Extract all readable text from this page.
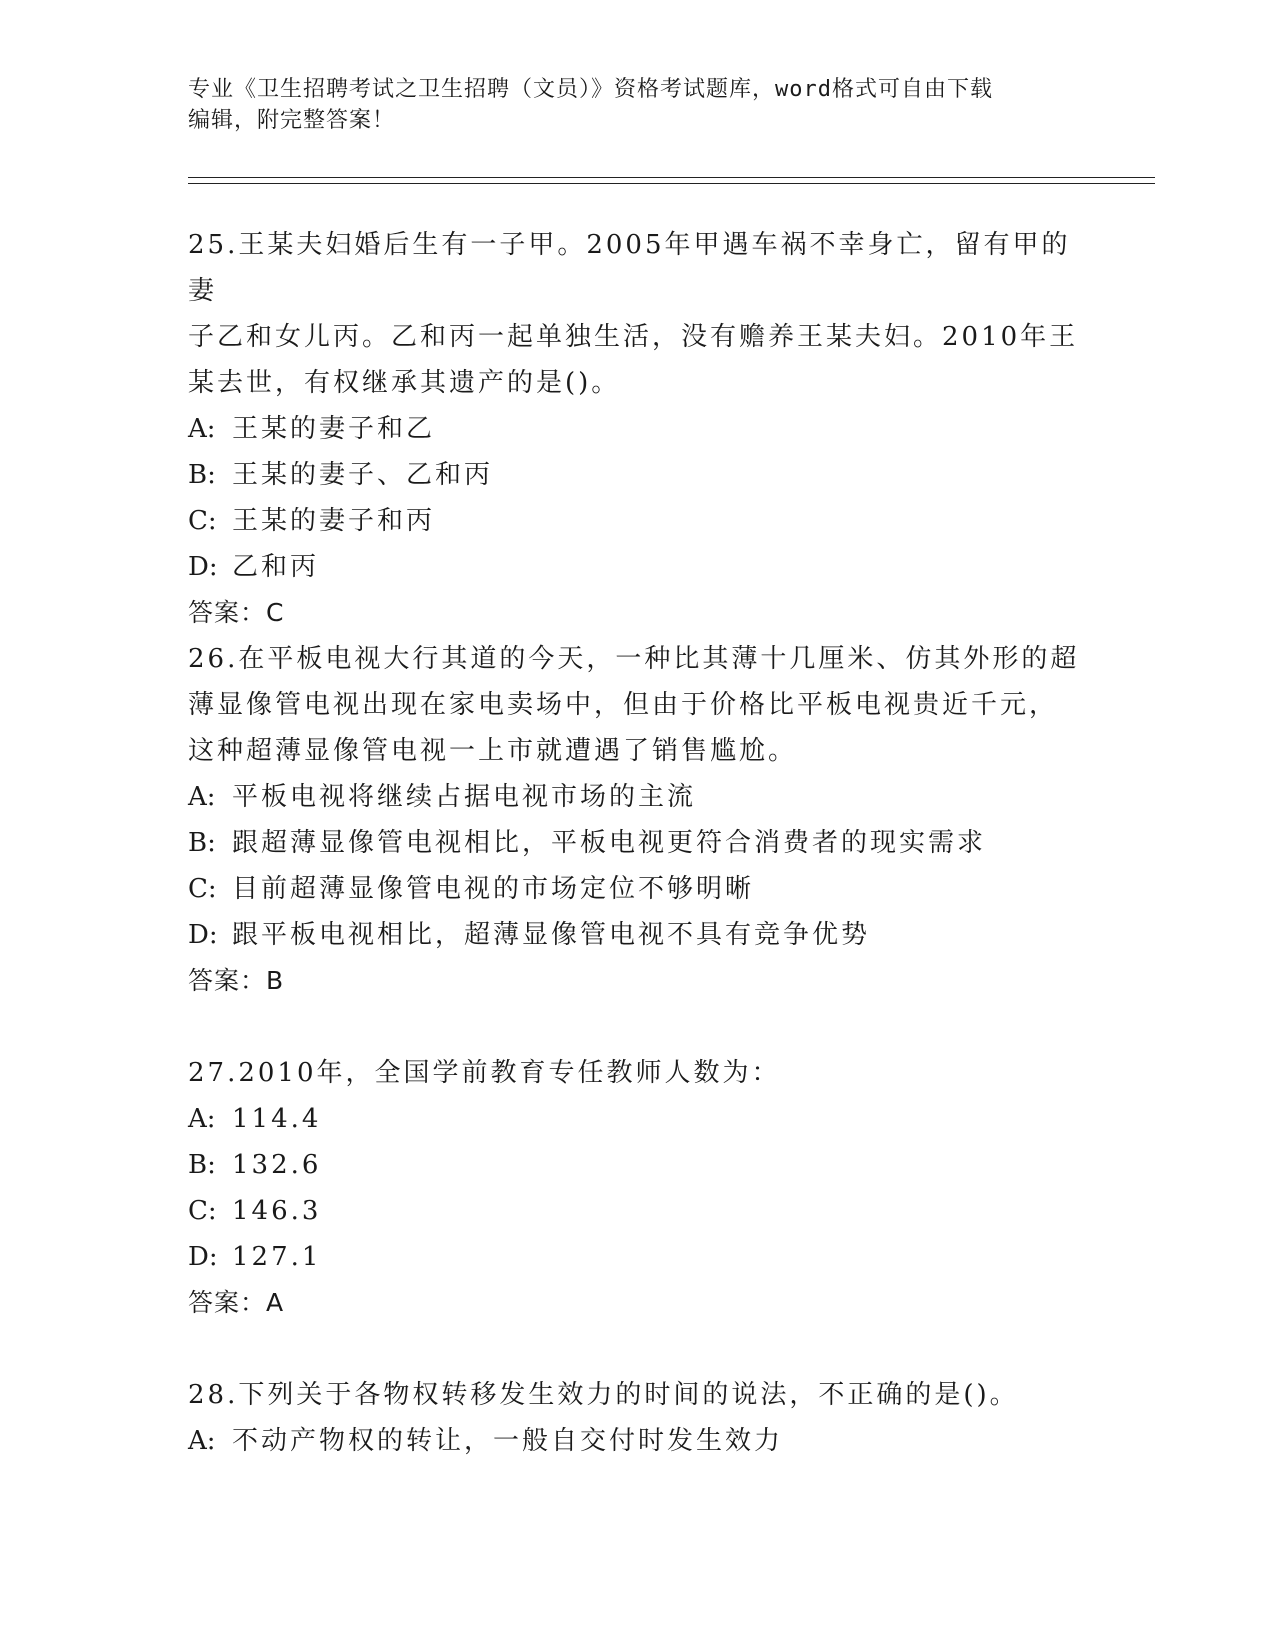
专业《卫生招聘考试之卫生招聘（文员）》资格考试题库，word格式可自由下载
编辑，附完整答案！

25.王某夫妇婚后生有一子甲。2005年甲遇车祸不幸身亡，留有甲的妻

子乙和女儿丙。乙和丙一起单独生活，没有赡养王某夫妇。2010年王

某去世，有权继承其遗产的是()。

A: 王某的妻子和乙

B: 王某的妻子、乙和丙

C: 王某的妻子和丙

D: 乙和丙

答案：C

26.在平板电视大行其道的今天，一种比其薄十几厘米、仿其外形的超

薄显像管电视出现在家电卖场中，但由于价格比平板电视贵近千元，

这种超薄显像管电视一上市就遭遇了销售尴尬。

A: 平板电视将继续占据电视市场的主流

B: 跟超薄显像管电视相比，平板电视更符合消费者的现实需求

C: 目前超薄显像管电视的市场定位不够明晰

D: 跟平板电视相比，超薄显像管电视不具有竞争优势

答案：B

27.2010年，全国学前教育专任教师人数为：

A: 114.4

B: 132.6

C: 146.3

D: 127.1

答案：A

28.下列关于各物权转移发生效力的时间的说法，不正确的是()。

A: 不动产物权的转让，一般自交付时发生效力
